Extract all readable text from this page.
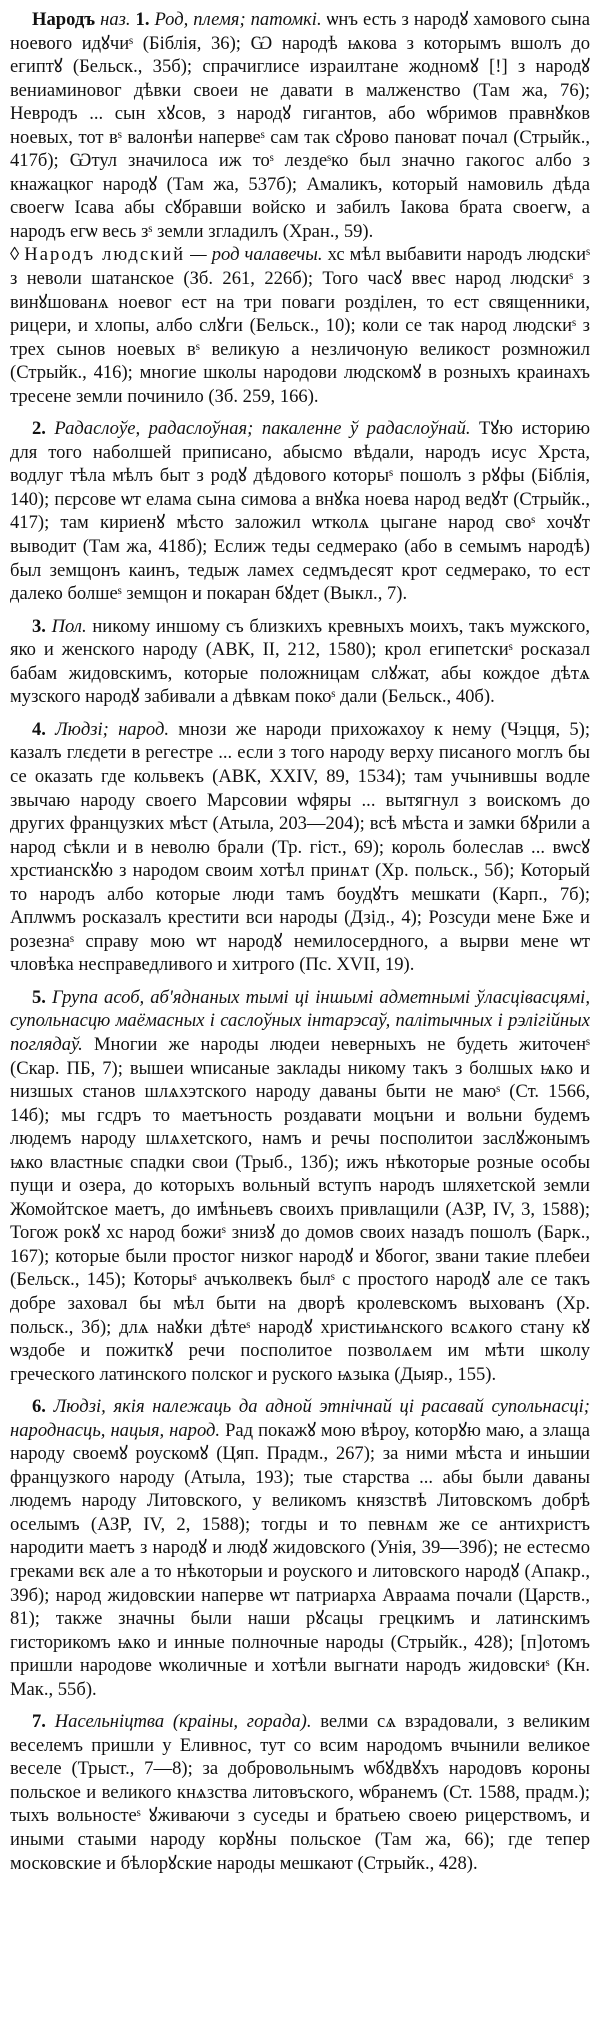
Народъ наз. 1. Род, племя; патомкі. ѡнъ есть з народꙋ хамового сына ноевого идꙋчиˢ (Біблія, 36); Ѡ народѣ ѩкова з которымъ вшолъ до египтꙋ (Бельск., 35б); спрачиглисе израилтане жодномꙋ [!] з народꙋ вениаминовог дѣвки своеи не давати в малженство (Там жа, 76); Невродъ ... сын хꙋсов, з народꙋ гигантов, або ѡбримов правнꙋков ноевых, тот вˢ валонѣи напервеˢ сам так сꙋрово пановат почал (Стрыйк., 417б); Ѡтул значилоса иж тоˢ лездеˢко был значно гакогос албо з кнажацког народꙋ (Там жа, 537б); Амаликъ, который намовиль дѣда своегѡ Ісава абы сꙋбравши войско и забилъ Іакова брата своегѡ, а народъ егѡ весь зˢ земли згладилъ (Хран., 59).

◊ Народъ людский — род чалавечы. хс мѣл выбавити народъ людскиˢ з неволи шатанское (Зб. 261, 226б); Того часꙋ ввес народ людскиˢ з винꙋшованѧ ноевог ест на три поваги розділен, то ест священники, рицери, и хлопы, албо слꙋги (Бельск., 10); коли се так народ людскиˢ з трех сынов ноевых вˢ великую а незличоную великост розмножил (Стрыйк., 416); многие школы народови людскомꙋ в розныхъ краинахъ тресене земли починило (Зб. 259, 166).

2. Радаслоўе, радаслоўная; пакаленне ў радаслоўнай. Тꙋю историю для того наболшей приписано, абысмо вѣдали, народъ исус Хрста, водлуг тѣла мѣлъ быт з родꙋ дѣдового которыˢ пошолъ з рꙋфы (Біблія, 140); пєрсове ѡт елама сына симова а внꙋка ноева народ ведꙋт (Стрыйк., 417); там кириенꙋ мѣсто заложил ѡтколѧ цыгане народ своˢ хочꙋт выводит (Там жа, 418б); Еслиж теды седмерако (або в семымъ народѣ) был земщонъ каинъ, тедыж ламех седмъдесят крот седмерако, то ест далеко болшеˢ земщон и покаран бꙋдет (Выкл., 7).

3. Пол. никому иншому съ близкихъ кревныхъ моихъ, такъ мужского, яко и женского народу (АВК, ІІ, 212, 1580); крол египетскиˢ росказал бабам жидовскимъ, которые положницам слꙋжат, абы кождое дѣтѧ музского народꙋ забивали а дѣвкам покоˢ дали (Бельск., 40б).

4. Людзі; народ. мнози же народи прихожахоу к нему (Чэцця, 5); казалъ глєдети в регестре ... если з того народу верху писаного моглъ бы се оказать где кольвекъ (АВК, XXIV, 89, 1534); там учынившы водле звычаю народу своего Марсовии ѡфяры ... вытягнул з воискомъ до других французких мѣст (Атыла, 203—204); всѣ мѣста и замки бꙋрили а народ сѣкли и в неволю брали (Тр. гіст., 69); король болеслав ... вѡсꙋ хрстианскꙋю з народом своим хотѣл принѧт (Хр. польск., 5б); Который то народъ албо которые люди тамъ боудꙋтъ мешкати (Карп., 7б); Аплѡмъ росказалъ крестити вси народы (Дзід., 4); Розсуди мене Бже и розезнаˢ справу мою ѡт народꙋ немилосердного, а вырви мене ѡт чловѣка несправедливого и хитрого (Пс. XVII, 19).

5. Група асоб, аб'яднаных тымі ці іншымі адметнымі ўласцівасцямі, супольнасцю маёмасных і саслоўных інтарэсаў, палітычных і рэлігійных поглядаў. Многии же народы людеи неверныхъ не будеть житоченˢ (Скар. ПБ, 7); вышеи ѡписаные заклады никому такъ з болшых ѩко и низшых станов шлѧхэтского народу даваны быти не маюˢ (Ст. 1566, 14б); мы гсдръ то маетъность роздавати моцъни и вольни будемъ людемъ народу шлѧхетского, намъ и речы посполитои заслꙋжонымъ ѩко властныє спадки свои (Трыб., 13б); ижъ нѣкоторые розные особы пущи и озера, до которыхъ вольный вступъ народъ шляхетской земли Жомойтское маетъ, до имѣньевъ своихъ привлащили (АЗР, ІV, 3, 1588); Тогож рокꙋ хс народ божиˢ знизꙋ до домов своих назадъ пошолъ (Барк., 167); которые были простог низког народꙋ и ꙋбогог, звани такие плебеи (Бельск., 145); Которыˢ ачъколвекъ былˢ с простого народꙋ але се такъ добре заховал бы мѣл быти на дворѣ кролевскомъ выхованъ (Хр. польск., 3б); длѧ наꙋки дѣтеˢ народꙋ христиѩнского всѧкого стану кꙋ ѡздобе и пожиткꙋ речи посполитое позволѧем им мѣти школу греческого латинского полског и руского ѩзыка (Дыяр., 155).

6. Людзі, якія належаць да адной этнічнай ці расавай супольнасці; народнасць, нацыя, народ. Рад покажꙋ мою вѣроу, которꙋю маю, а злаща народу своемꙋ роускомꙋ (Цяп. Прадм., 267); за ними мѣста и иньшии французкого народу (Атыла, 193); тые старства ... абы были даваны людемъ народу Литовского, у великомъ князствѣ Литовскомъ добрѣ оселымъ (АЗР, IV, 2, 1588); тогды и то певнѧм же се антихристъ народити маетъ з народꙋ и людꙋ жидовского (Унія, 39—39б); не естесмо греками вєк але а то нѣкоторыи и роуского и литовского народꙋ (Апакр., 39б); народ жидовскии наперве ѡт патриарха Авраама почали (Царств., 81); также значны были наши рꙋсацы грецкимъ и латинскимъ гисторикомъ ѩко и инные полночные народы (Стрыйк., 428); [п]отомъ пришли народове ѡколичные и хотѣли выгнати народъ жидовскиˢ (Кн. Мак., 55б).

7. Насельніцтва (краіны, горада). велми сѧ взрадовали, з великим веселемъ пришли у Еливнос, тут со всим народомъ вчынили великое веселе (Трыст., 7—8); за добровольнымъ ѡбꙋдвꙋхъ народовъ короны польское и великого кнѧзства литовъского, ѡбранемъ (Ст. 1588, прадм.); тыхъ вольностеˢ ꙋживаючи з суседы и братьею своею рицерствомъ, и иными стаыми народу корꙋны польское (Там жа, 66); где тепер московские и бѣлорꙋские народы мешкают (Стрыйк., 428).
